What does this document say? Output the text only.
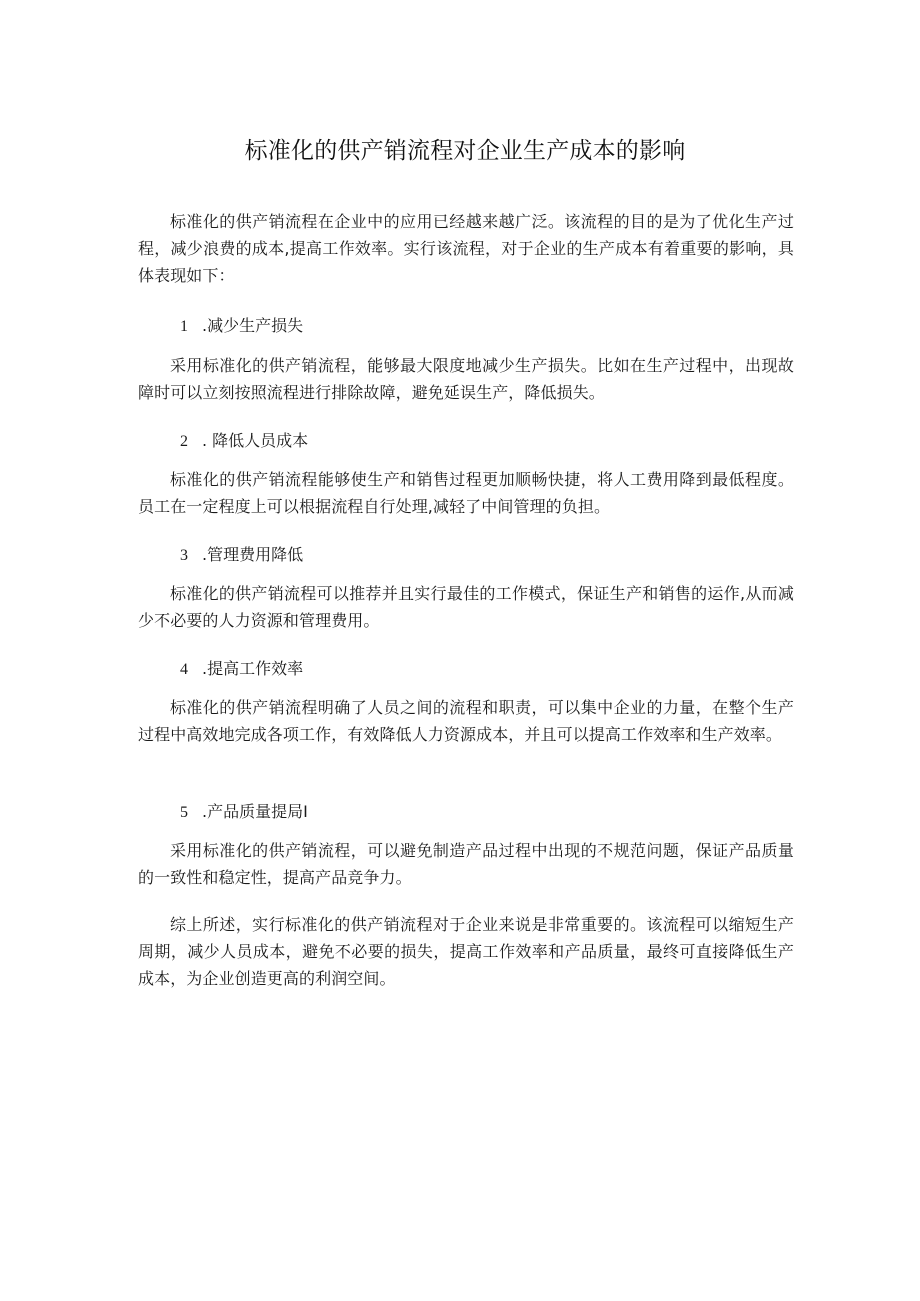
标准化的供产销流程对企业生产成本的影响

标准化的供产销流程在企业中的应用已经越来越广泛。该流程的目的是为了优化生产过程，减少浪费的成本,提高工作效率。实行该流程，对于企业的生产成本有着重要的影响，具体表现如下：

1 .减少生产损失

采用标准化的供产销流程，能够最大限度地减少生产损失。比如在生产过程中，出现故障时可以立刻按照流程进行排除故障，避免延误生产，降低损失。

2 . 降低人员成本

标准化的供产销流程能够使生产和销售过程更加顺畅快捷，将人工费用降到最低程度。员工在一定程度上可以根据流程自行处理,减轻了中间管理的负担。

3 .管理费用降低

标准化的供产销流程可以推荐并且实行最佳的工作模式，保证生产和销售的运作,从而减少不必要的人力资源和管理费用。

4 .提高工作效率

标准化的供产销流程明确了人员之间的流程和职责，可以集中企业的力量，在整个生产过程中高效地完成各项工作，有效降低人力资源成本，并且可以提高工作效率和生产效率。

5 .产品质量提局I

采用标准化的供产销流程，可以避免制造产品过程中出现的不规范问题，保证产品质量的一致性和稳定性，提高产品竞争力。

综上所述，实行标准化的供产销流程对于企业来说是非常重要的。该流程可以缩短生产周期，减少人员成本，避免不必要的损失，提高工作效率和产品质量，最终可直接降低生产成本，为企业创造更高的利润空间。
